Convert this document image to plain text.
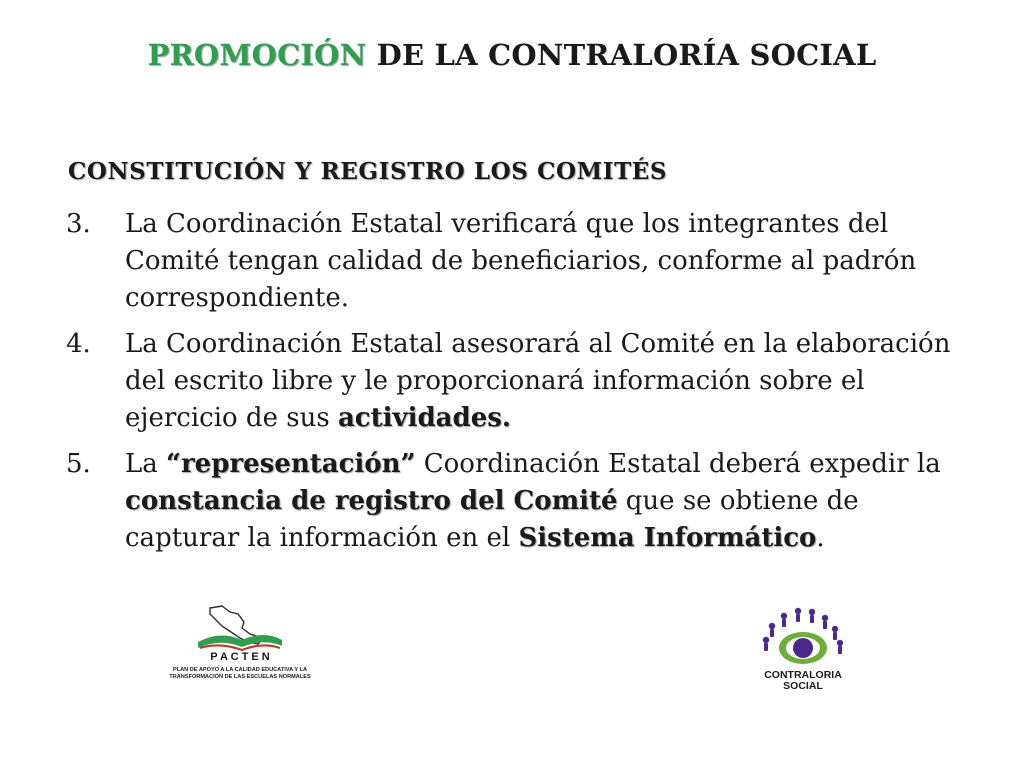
PROMOCIÓN DE LA CONTRALORÍA SOCIAL
CONSTITUCIÓN Y REGISTRO LOS COMITÉS
3. La Coordinación Estatal verificará que los integrantes del Comité tengan calidad de beneficiarios, conforme al padrón correspondiente.
4. La Coordinación Estatal asesorará al Comité en la elaboración del escrito libre y le proporcionará información sobre el ejercicio de sus actividades.
5. La “representación” Coordinación Estatal deberá expedir la constancia de registro del Comité que se obtiene de capturar la información en el Sistema Informático.
P A C T E N
PLAN DE APOYO A LA CALIDAD EDUCATIVA Y LA
TRANSFORMACIÓN DE LAS ESCUELAS NORMALES	CONTRALORIA
SOCIAL
